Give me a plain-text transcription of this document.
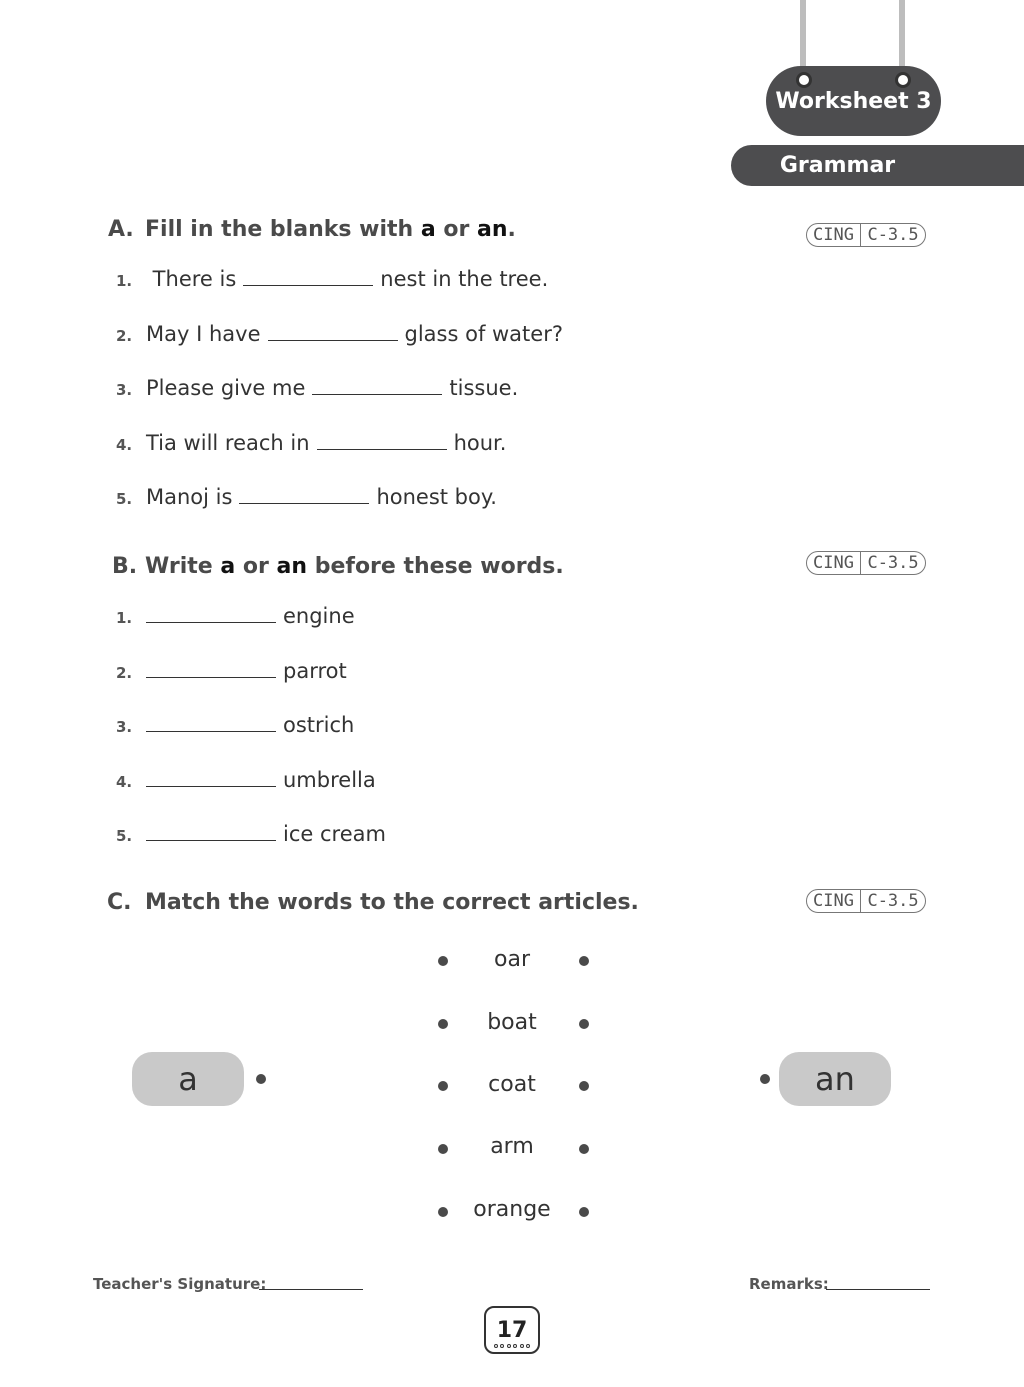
Worksheet 3
Grammar
A. Fill in the blanks with a or an.	CING C-3.5
1. There is	nest in the tree.
2. May I have	glass of water?
3. Please give me	tissue.
4. Tia will reach in	hour.
5. Manoj is	honest boy.
B. Write a or an before these words.	CING C-3.5
1.	engine
2.	parrot
3.	ostrich
4.	umbrella
5.	ice cream
C. Match the words to the correct articles.	CING C-3.5
oar
boat
coat
arm
orange
a	an
Teacher's Signature:	Remarks:
17
